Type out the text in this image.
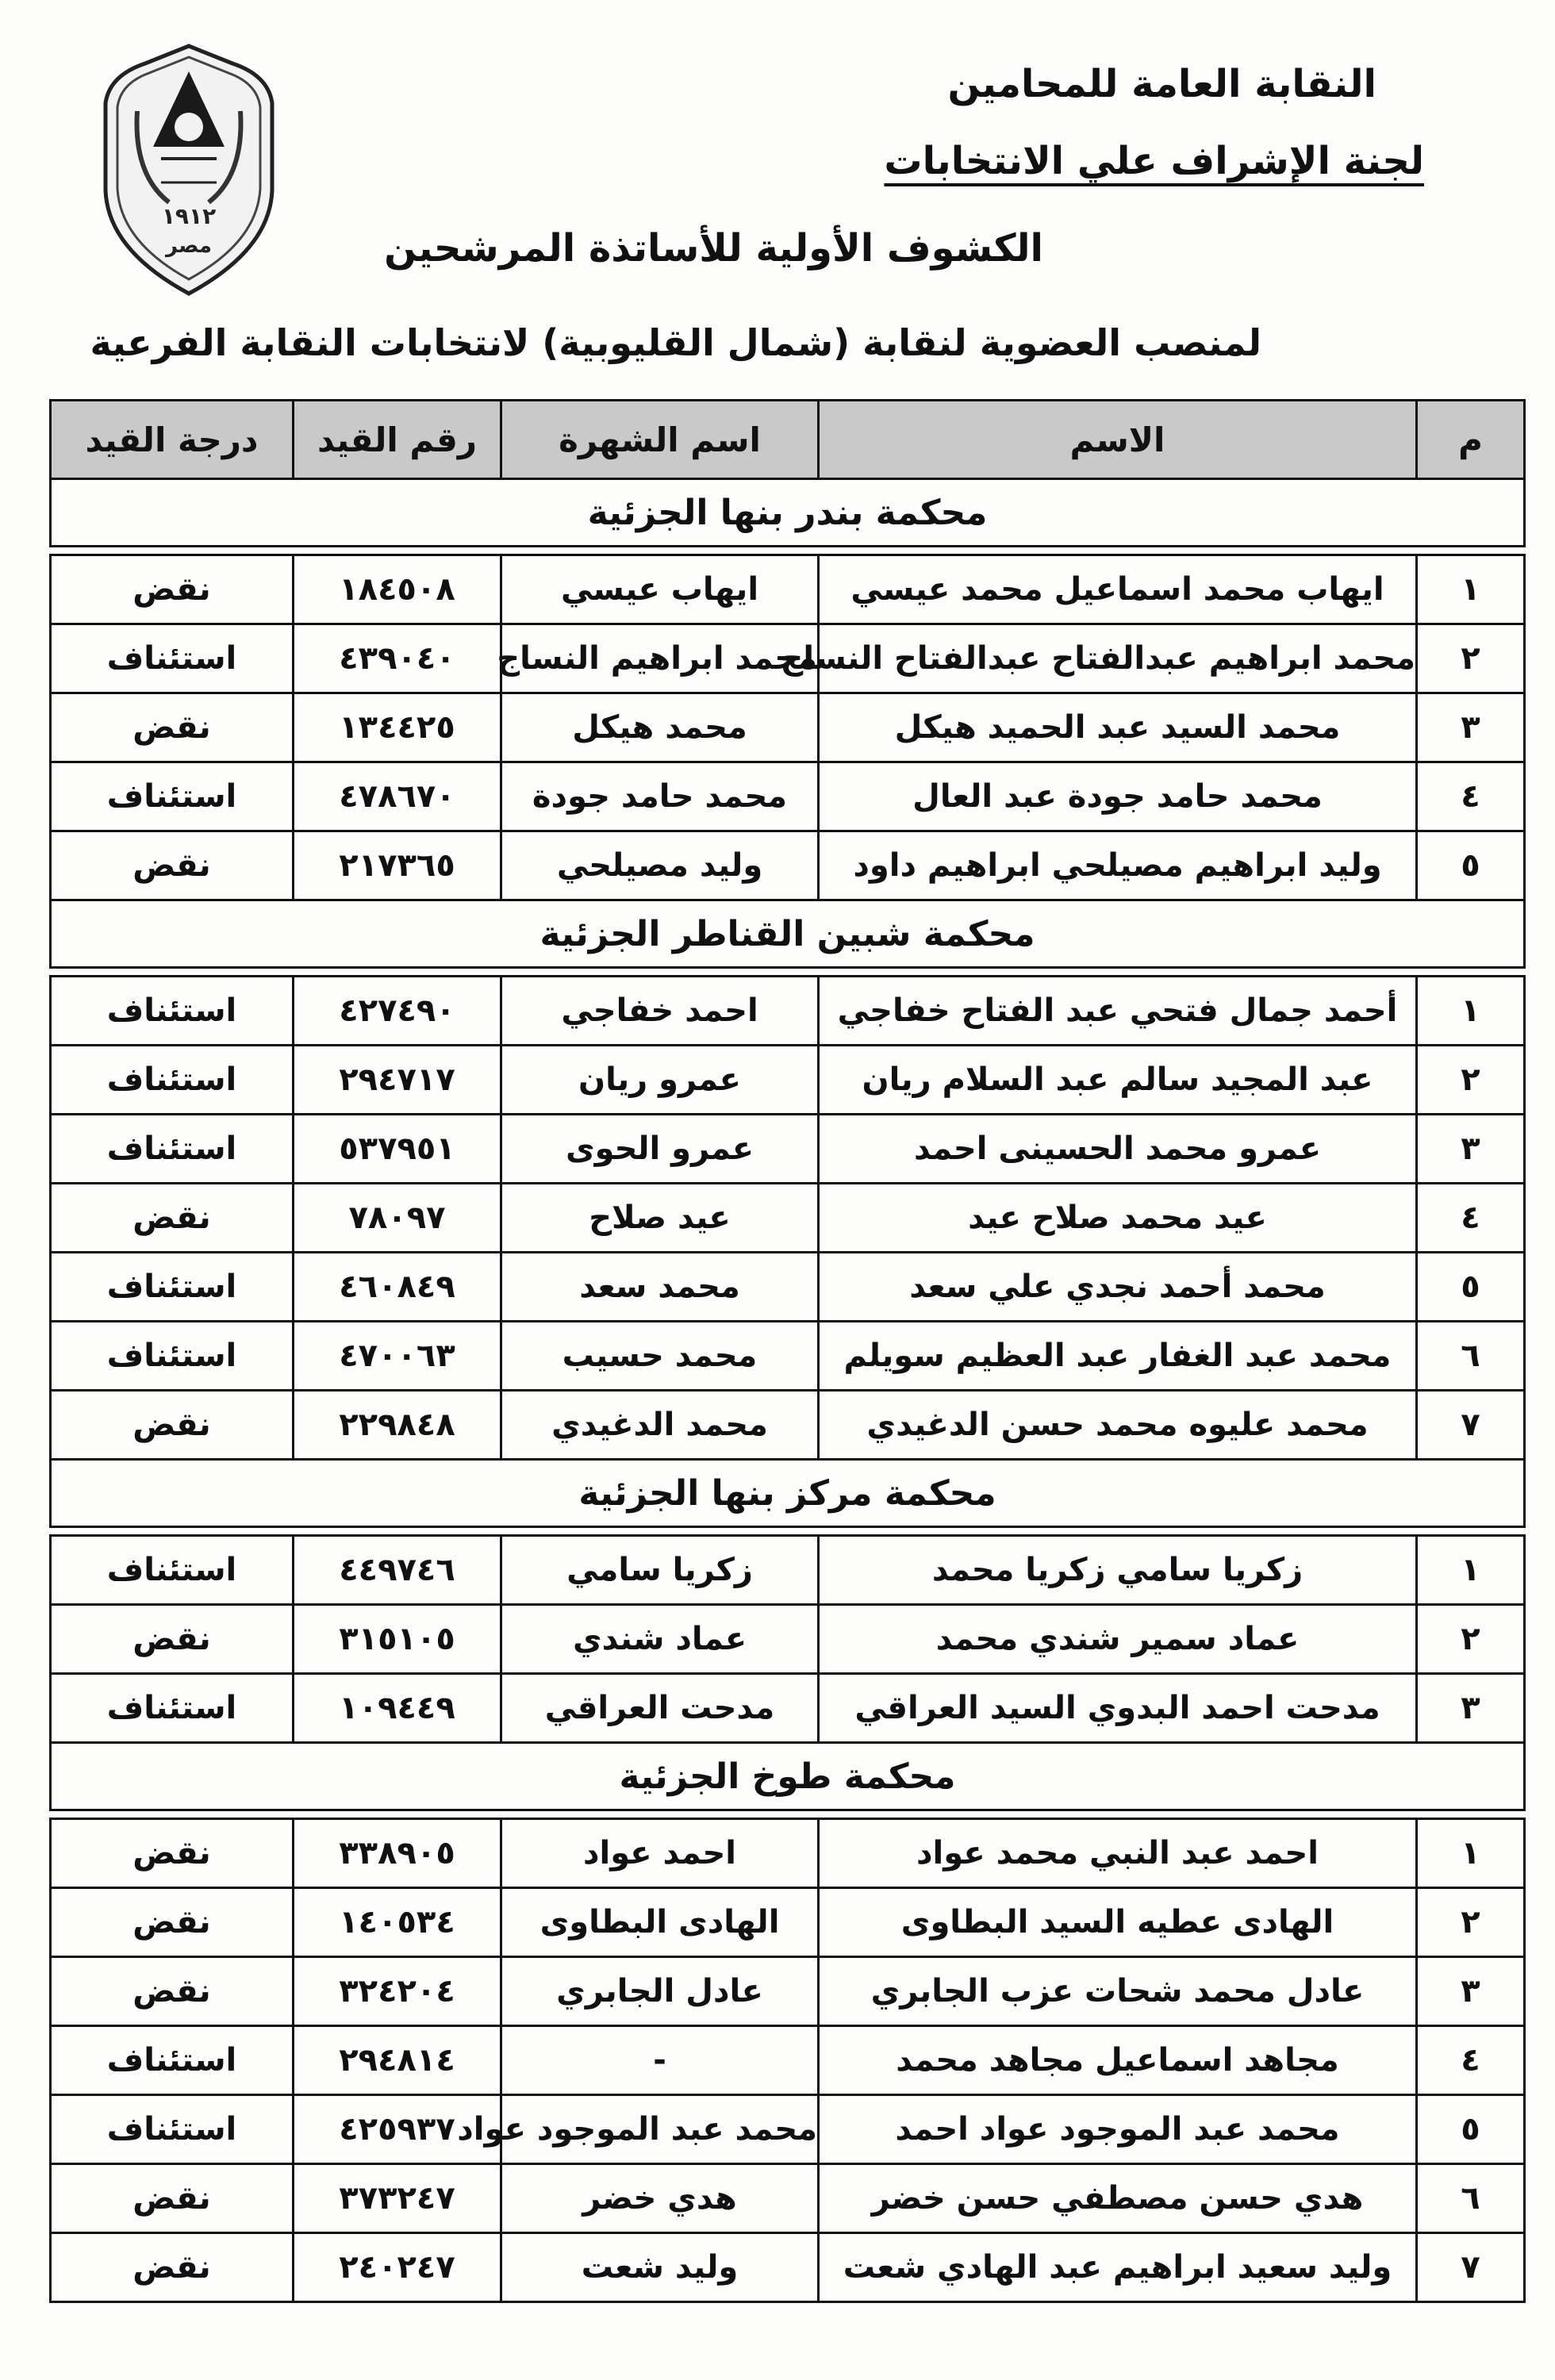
١٩١٢
مصر
النقابة العامة للمحامين
لجنة الإشراف علي الانتخابات
الكشوف الأولية للأساتذة المرشحين
لمنصب العضوية لنقابة (شمال القليوبية) لانتخابات النقابة الفرعية
م	الاسم	اسم الشهرة	رقم القيد	درجة القيد
محكمة بندر بنها الجزئية				

١	ايهاب محمد اسماعيل محمد عيسي	ايهاب عيسي	١٨٤٥٠٨	نقض
٢	محمد ابراهيم عبدالفتاح عبدالفتاح النساج	محمد ابراهيم النساج	٤٣٩٠٤٠	استئناف
٣	محمد السيد عبد الحميد هيكل	محمد هيكل	١٣٤٤٢٥	نقض
٤	محمد حامد جودة عبد العال	محمد حامد جودة	٤٧٨٦٧٠	استئناف
٥	وليد ابراهيم مصيلحي ابراهيم داود	وليد مصيلحي	٢١٧٣٦٥	نقض
محكمة شبين القناطر الجزئية				

١	أحمد جمال فتحي عبد الفتاح خفاجي	احمد خفاجي	٤٢٧٤٩٠	استئناف
٢	عبد المجيد سالم عبد السلام ريان	عمرو ريان	٢٩٤٧١٧	استئناف
٣	عمرو محمد الحسينى احمد	عمرو الحوى	٥٣٧٩٥١	استئناف
٤	عيد محمد صلاح عيد	عيد صلاح	٧٨٠٩٧	نقض
٥	محمد أحمد نجدي علي سعد	محمد سعد	٤٦٠٨٤٩	استئناف
٦	محمد عبد الغفار عبد العظيم سويلم	محمد حسيب	٤٧٠٠٦٣	استئناف
٧	محمد عليوه محمد حسن الدغيدي	محمد الدغيدي	٢٢٩٨٤٨	نقض
محكمة مركز بنها الجزئية				

١	زكريا سامي زكريا محمد	زكريا سامي	٤٤٩٧٤٦	استئناف
٢	عماد سمير شندي محمد	عماد شندي	٣١٥١٠٥	نقض
٣	مدحت احمد البدوي السيد العراقي	مدحت العراقي	١٠٩٤٤٩	استئناف
محكمة طوخ الجزئية				

١	احمد عبد النبي محمد عواد	احمد عواد	٣٣٨٩٠٥	نقض
٢	الهادى عطيه السيد البطاوى	الهادى البطاوى	١٤٠٥٣٤	نقض
٣	عادل محمد شحات عزب الجابري	عادل الجابري	٣٢٤٢٠٤	نقض
٤	مجاهد اسماعيل مجاهد محمد	-	٢٩٤٨١٤	استئناف
٥	محمد عبد الموجود عواد احمد	محمد عبد الموجود عواد	٤٢٥٩٣٧	استئناف
٦	هدي حسن مصطفي حسن خضر	هدي خضر	٣٧٣٢٤٧	نقض
٧	وليد سعيد ابراهيم عبد الهادي شعت	وليد شعت	٢٤٠٢٤٧	نقض
